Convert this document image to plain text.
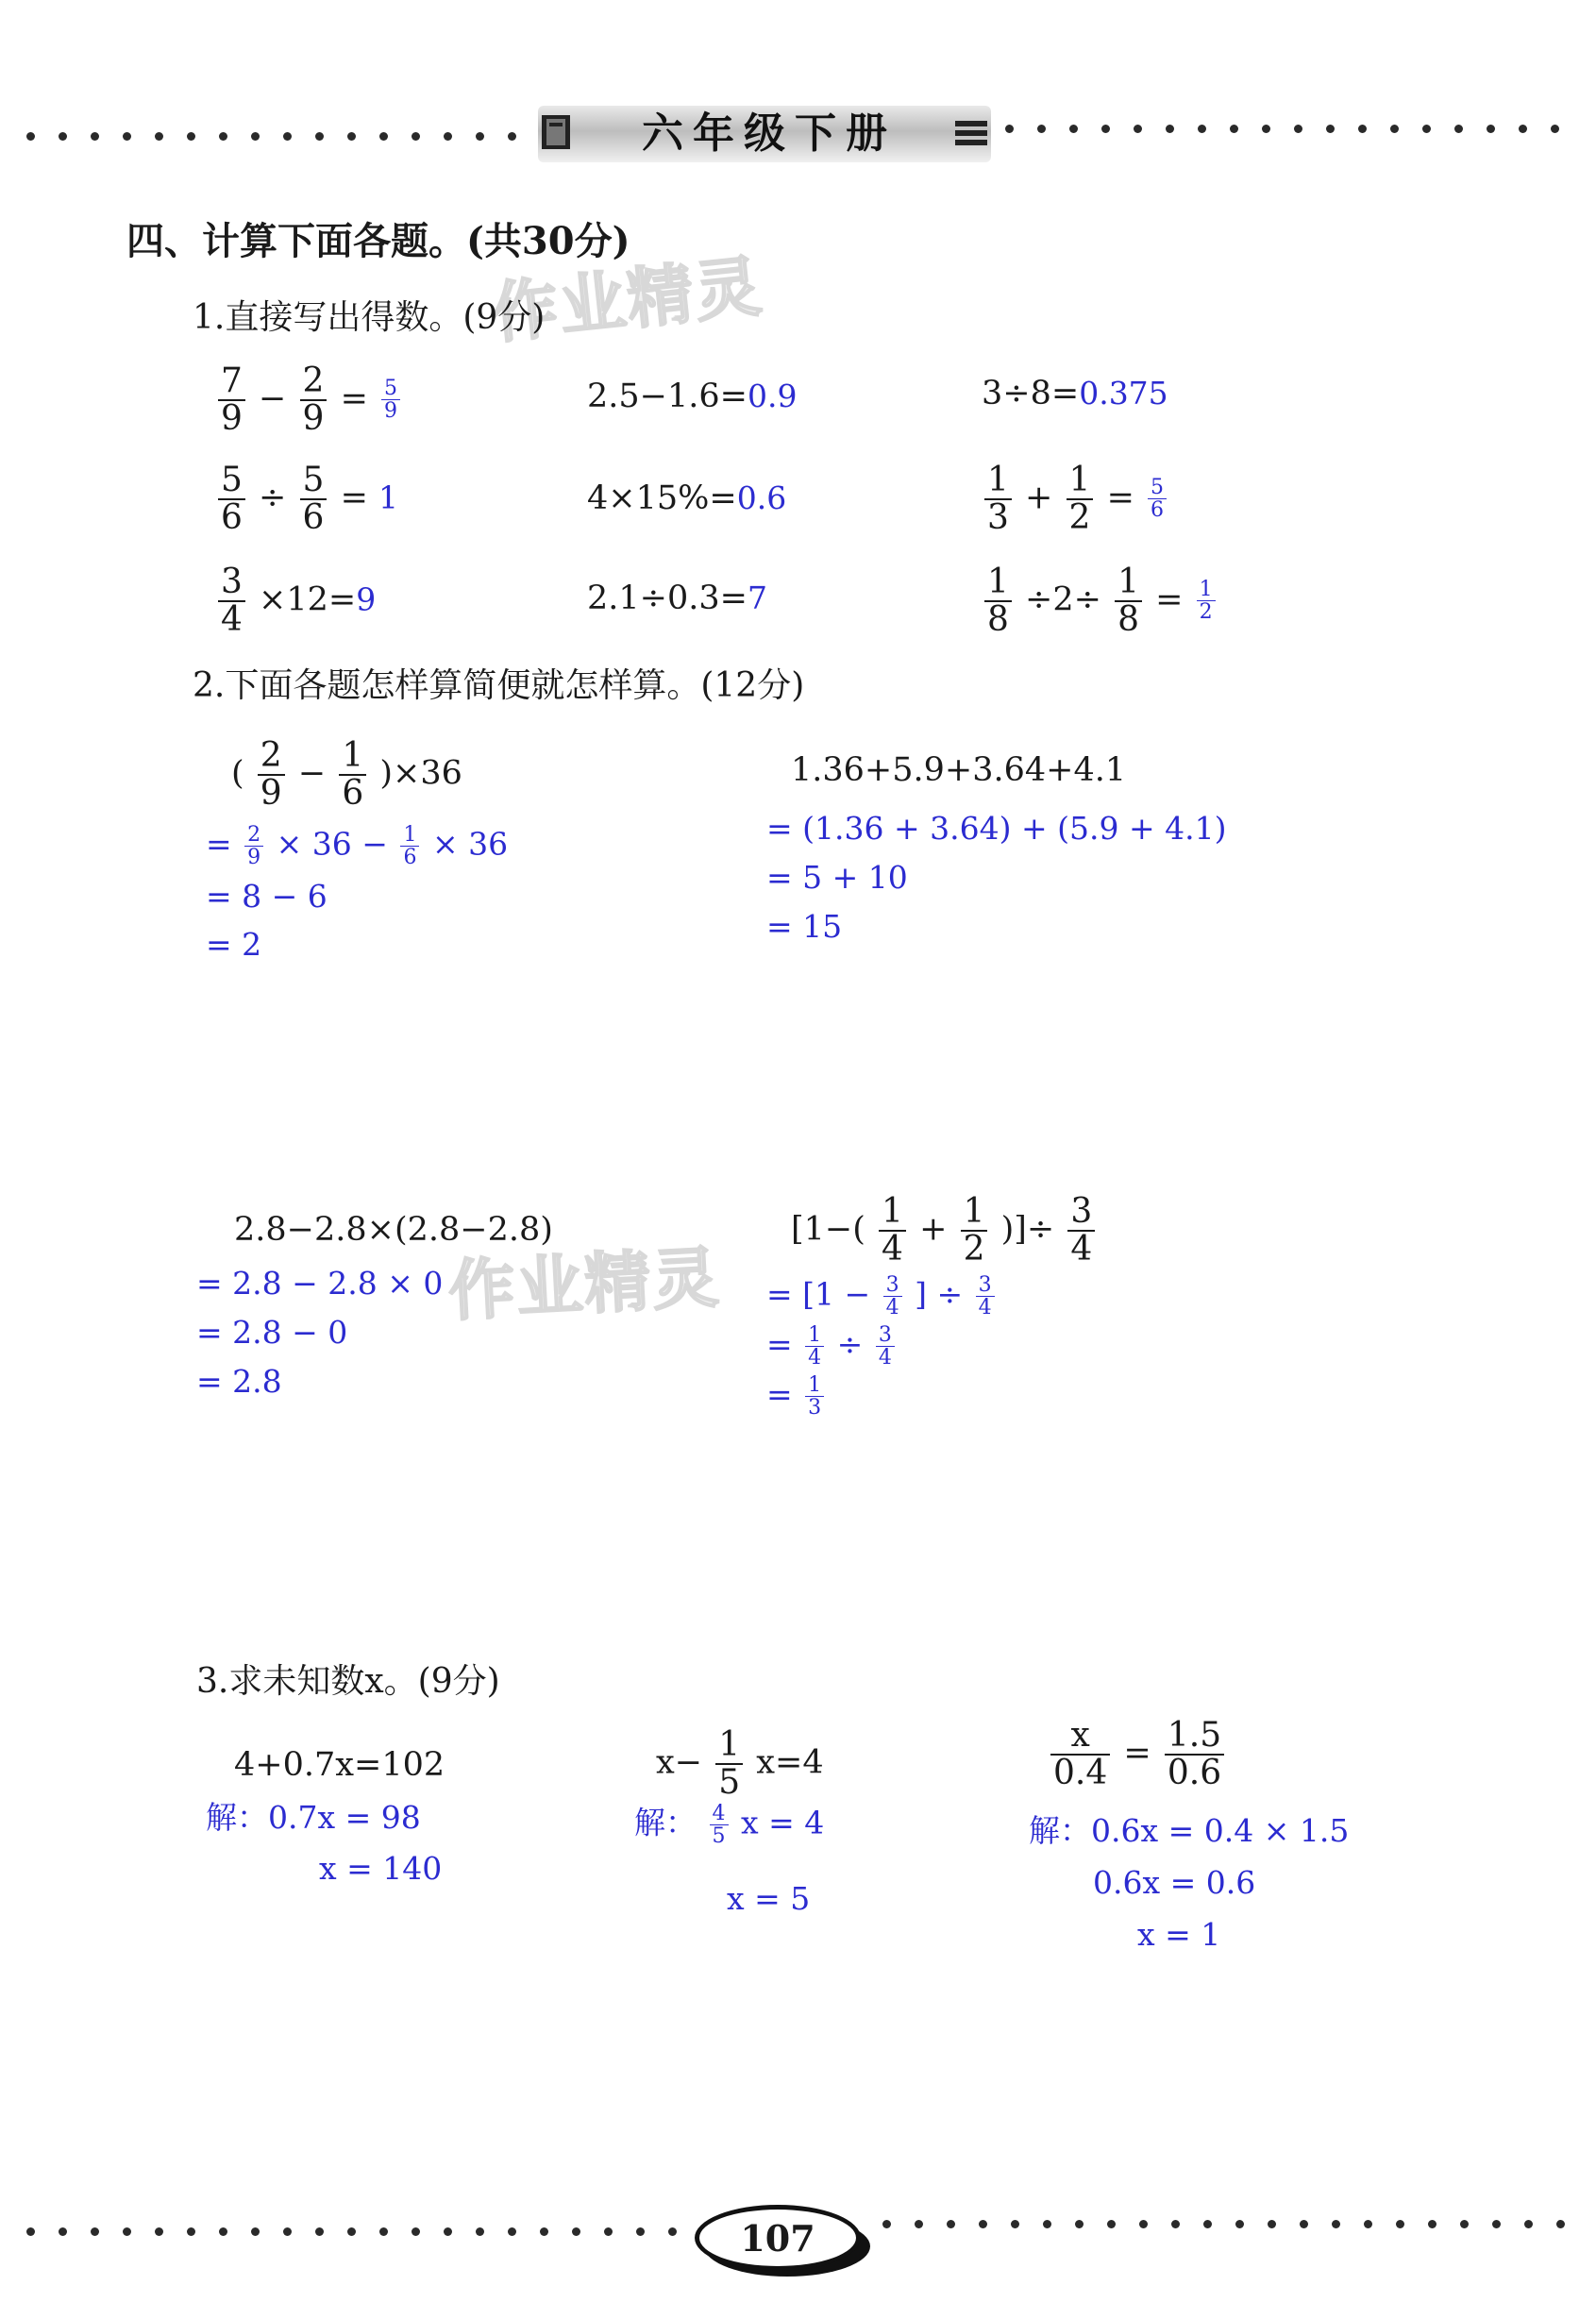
六年级下册
作业精灵
作业精灵
四、计算下面各题。(共30分)
1.直接写出得数。(9分)
$\frac{7}{9} - \frac{2}{9} = \frac{5}{9}$	2.5−1.6=0.9	3÷8=0.375
$\frac{5}{6} \div \frac{5}{6} = 1$	4×15%=0.6	$\frac{1}{3} + \frac{1}{2} = \frac{5}{6}$
$\frac{3}{4} \times 12=9$	2.1÷0.3=7	$\frac{1}{8} \div 2\div \frac{1}{8} = \frac{1}{2}$
2.下面各题怎样算简便就怎样算。(12分)
( $\frac{2}{9} - \frac{1}{6} )\times 36$
= $\frac{2}{9} \times 36 - \frac{1}{6} \times 36$
= 8 − 6
= 2
1.36+5.9+3.64+4.1
= (1.36 + 3.64) + (5.9 + 4.1)
= 5 + 10
= 15
2.8−2.8×(2.8−2.8)
= 2.8 − 2.8 × 0
= 2.8 − 0
= 2.8
[$1-( \frac{1}{4} + \frac{1}{2}$ )]÷ $\frac{3}{4}$
= [$1 - \frac{3}{4}$ ] ÷ $\frac{3}{4}$
= $\frac{1}{4} \div \frac{3}{4}$
= $\frac{1}{3}$
3.求未知数x。(9分)
4+0.7x=102
解：0.7x = 98
x = 140
$x- \frac{1}{5} x=4$
解： $\frac{4}{5}$ x = 4
x = 5
$\frac{x}{0.4} = \frac{1.5}{0.6}$
解：0.6x = 0.4 × 1.5
0.6x = 0.6
x = 1
107
